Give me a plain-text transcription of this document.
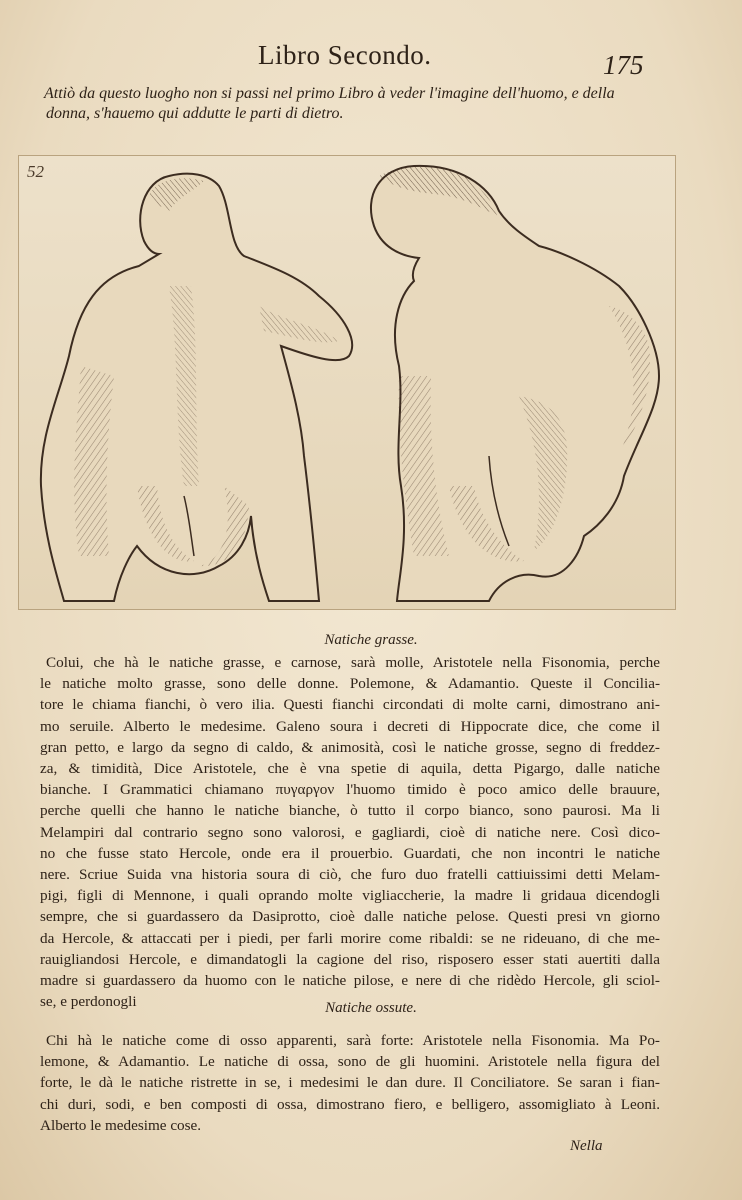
Libro Secondo.	175
Attiò da questo luogho non si passi nel primo Libro à veder l'imagine dell'huomo, e della
donna, s'hauemo qui addutte le parti di dietro.
52
Natiche grasse.
Colui, che hà le natiche grasse, e carnose, sarà molle, Aristotele nella Fisonomia, perche
le natiche molto grasse, sono delle donne. Polemone, & Adamantio. Queste il Concilia-
tore le chiama fianchi, ò vero ilia. Questi fianchi circondati di molte carni, dimostrano ani-
mo seruile. Alberto le medesime. Galeno soura i decreti di Hippocrate dice, che come il
gran petto, e largo da segno di caldo, & animosità, così le natiche grosse, segno di freddez-
za, & timidità, Dice Aristotele, che è vna spetie di aquila, detta Pigargo, dalle natiche
bianche. I Grammatici chiamano πυγαργον l'huomo timido è poco amico delle brauure,
perche quelli che hanno le natiche bianche, ò tutto il corpo bianco, sono paurosi. Ma li
Melampiri dal contrario segno sono valorosi, e gagliardi, cioè di natiche nere. Così dico-
no che fusse stato Hercole, onde era il prouerbio. Guardati, che non incontri le natiche
nere. Scriue Suida vna historia soura di ciò, che furo duo fratelli cattiuissimi detti Melam-
pigi, figli di Mennone, i quali oprando molte vigliaccherie, la madre li gridaua dicendogli
sempre, che si guardassero da Dasiprotto, cioè dalle natiche pelose. Questi presi vn giorno
da Hercole, & attaccati per i piedi, per farli morire come ribaldi: se ne rideuano, di che me-
rauigliandosi Hercole, e dimandatogli la cagione del riso, risposero esser stati auertiti dalla
madre si guardassero da huomo con le natiche pilose, e nere di che ridèdo Hercole, gli sciol-
se, e perdonogli	Natiche ossute.
Chi hà le natiche come di osso apparenti, sarà forte: Aristotele nella Fisonomia. Ma Po-
lemone, & Adamantio. Le natiche di ossa, sono de gli huomini. Aristotele nella figura del
forte, le dà le natiche ristrette in se, i medesimi le dan dure. Il Conciliatore. Se saran i fian-
chi duri, sodi, e ben composti di ossa, dimostrano fiero, e belligero, assomigliato à Leoni.
Alberto le medesime cose.
Nella
